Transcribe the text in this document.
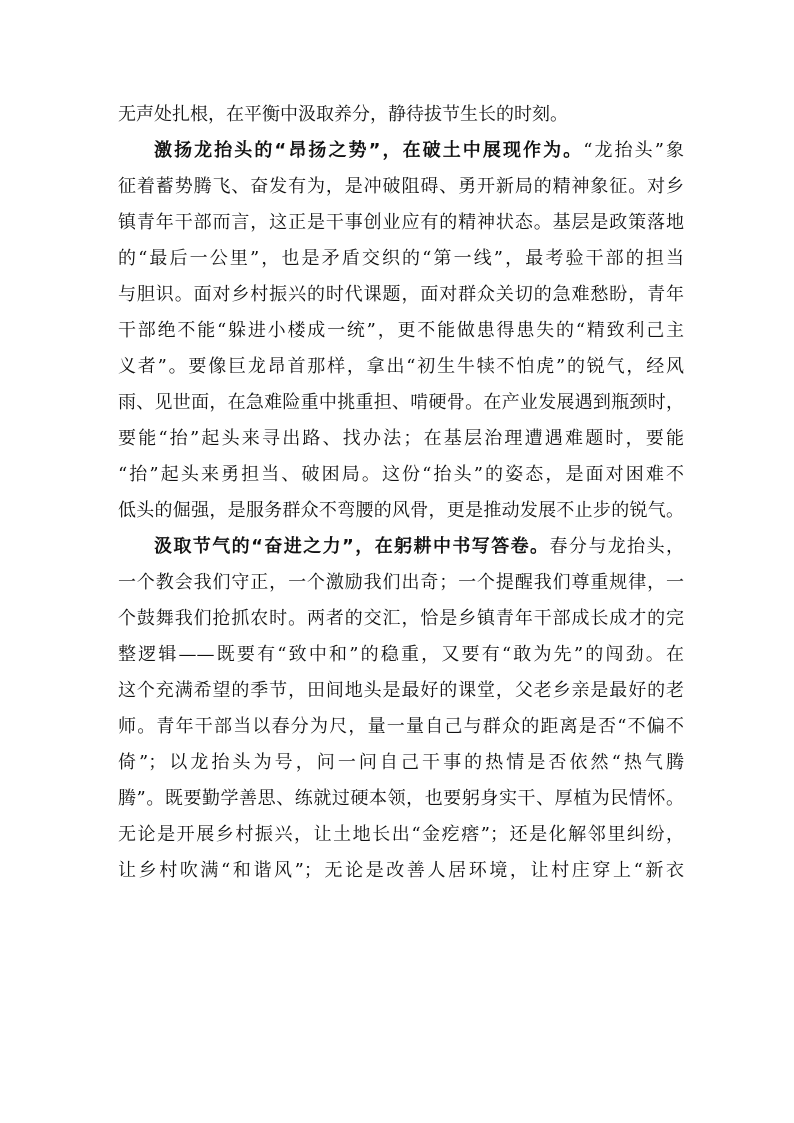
无声处扎根，在平衡中汲取养分，静待拔节生长的时刻。
激扬龙抬头的“昂扬之势”，在破土中展现作为。“龙抬头”象
征着蓄势腾飞、奋发有为，是冲破阻碍、勇开新局的精神象征。对乡
镇青年干部而言，这正是干事创业应有的精神状态。基层是政策落地
的“最后一公里”，也是矛盾交织的“第一线”，最考验干部的担当
与胆识。面对乡村振兴的时代课题，面对群众关切的急难愁盼，青年
干部绝不能“躲进小楼成一统”，更不能做患得患失的“精致利己主
义者”。要像巨龙昂首那样，拿出“初生牛犊不怕虎”的锐气，经风
雨、见世面，在急难险重中挑重担、啃硬骨。在产业发展遇到瓶颈时，
要能“抬”起头来寻出路、找办法；在基层治理遭遇难题时，要能
“抬”起头来勇担当、破困局。这份“抬头”的姿态，是面对困难不
低头的倔强，是服务群众不弯腰的风骨，更是推动发展不止步的锐气。
汲取节气的“奋进之力”，在躬耕中书写答卷。春分与龙抬头，
一个教会我们守正，一个激励我们出奇；一个提醒我们尊重规律，一
个鼓舞我们抢抓农时。两者的交汇，恰是乡镇青年干部成长成才的完
整逻辑——既要有“致中和”的稳重，又要有“敢为先”的闯劲。在
这个充满希望的季节，田间地头是最好的课堂，父老乡亲是最好的老
师。青年干部当以春分为尺，量一量自己与群众的距离是否“不偏不
倚”；以龙抬头为号，问一问自己干事的热情是否依然“热气腾
腾”。既要勤学善思、练就过硬本领，也要躬身实干、厚植为民情怀。
无论是开展乡村振兴，让土地长出“金疙瘩”；还是化解邻里纠纷，
让乡村吹满“和谐风”；无论是改善人居环境，让村庄穿上“新衣
